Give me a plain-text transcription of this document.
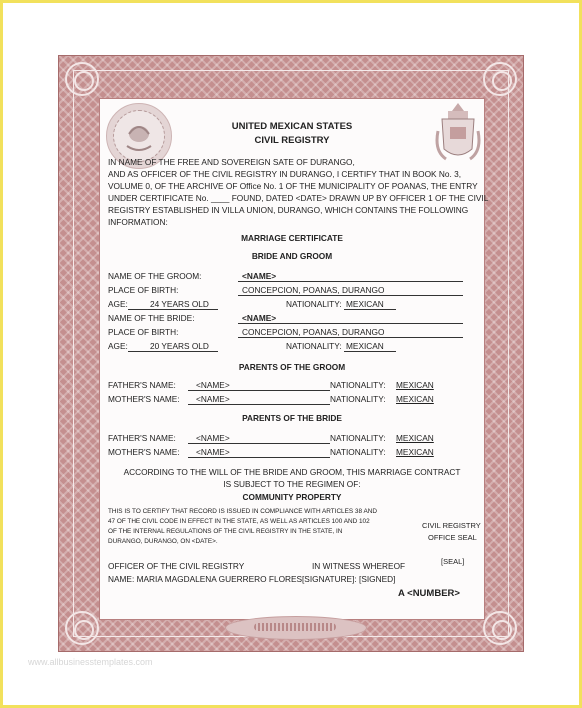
UNITED MEXICAN STATES
CIVIL REGISTRY
IN NAME OF THE FREE AND SOVEREIGN SATE OF DURANGO,
AND AS OFFICER OF THE CIVIL REGISTRY IN DURANGO, I CERTIFY THAT IN BOOK No. 3,
VOLUME 0, OF THE ARCHIVE OF Office No. 1 OF THE MUNICIPALITY OF POANAS, THE ENTRY
UNDER CERTIFICATE No. ____ FOUND, DATED <DATE> DRAWN UP BY OFFICER 1 OF THE CIVIL
REGISTRY ESTABLISHED IN VILLA UNION, DURANGO, WHICH CONTAINS THE FOLLOWING
INFORMATION:
MARRIAGE CERTIFICATE
BRIDE AND GROOM
NAME OF THE GROOM:	<NAME>
PLACE OF BIRTH:	CONCEPCION, POANAS, DURANGO
AGE:	24 YEARS OLD	NATIONALITY: MEXICAN
NAME OF THE BRIDE:	<NAME>
PLACE OF BIRTH:	CONCEPCION, POANAS, DURANGO
AGE:	20 YEARS OLD	NATIONALITY: MEXICAN
PARENTS OF THE GROOM
FATHER'S NAME: <NAME>	NATIONALITY: MEXICAN
MOTHER'S NAME: <NAME>	NATIONALITY: MEXICAN
PARENTS OF THE BRIDE
FATHER'S NAME: <NAME>	NATIONALITY: MEXICAN
MOTHER'S NAME: <NAME>	NATIONALITY: MEXICAN
ACCORDING TO THE WILL OF THE BRIDE AND GROOM, THIS MARRIAGE CONTRACT
IS SUBJECT TO THE REGIMEN OF:
COMMUNITY PROPERTY
THIS IS TO CERTIFY THAT RECORD IS ISSUED IN COMPLIANCE WITH ARTICLES 38 AND
47 OF THE CIVIL CODE IN EFFECT IN THE STATE, AS WELL AS ARTICLES 100 AND 102
OF THE INTERNAL REGULATIONS OF THE CIVIL REGISTRY IN THE STATE, IN
DURANGO, DURANGO, ON <DATE>.
CIVIL REGISTRY
OFFICE SEAL
[SEAL]
OFFICER OF THE CIVIL REGISTRY	IN WITNESS WHEREOF
NAME: MARIA MAGDALENA GUERRERO FLORES [SIGNATURE]: [SIGNED]
A <NUMBER>
www.allbusinesstemplates.com
